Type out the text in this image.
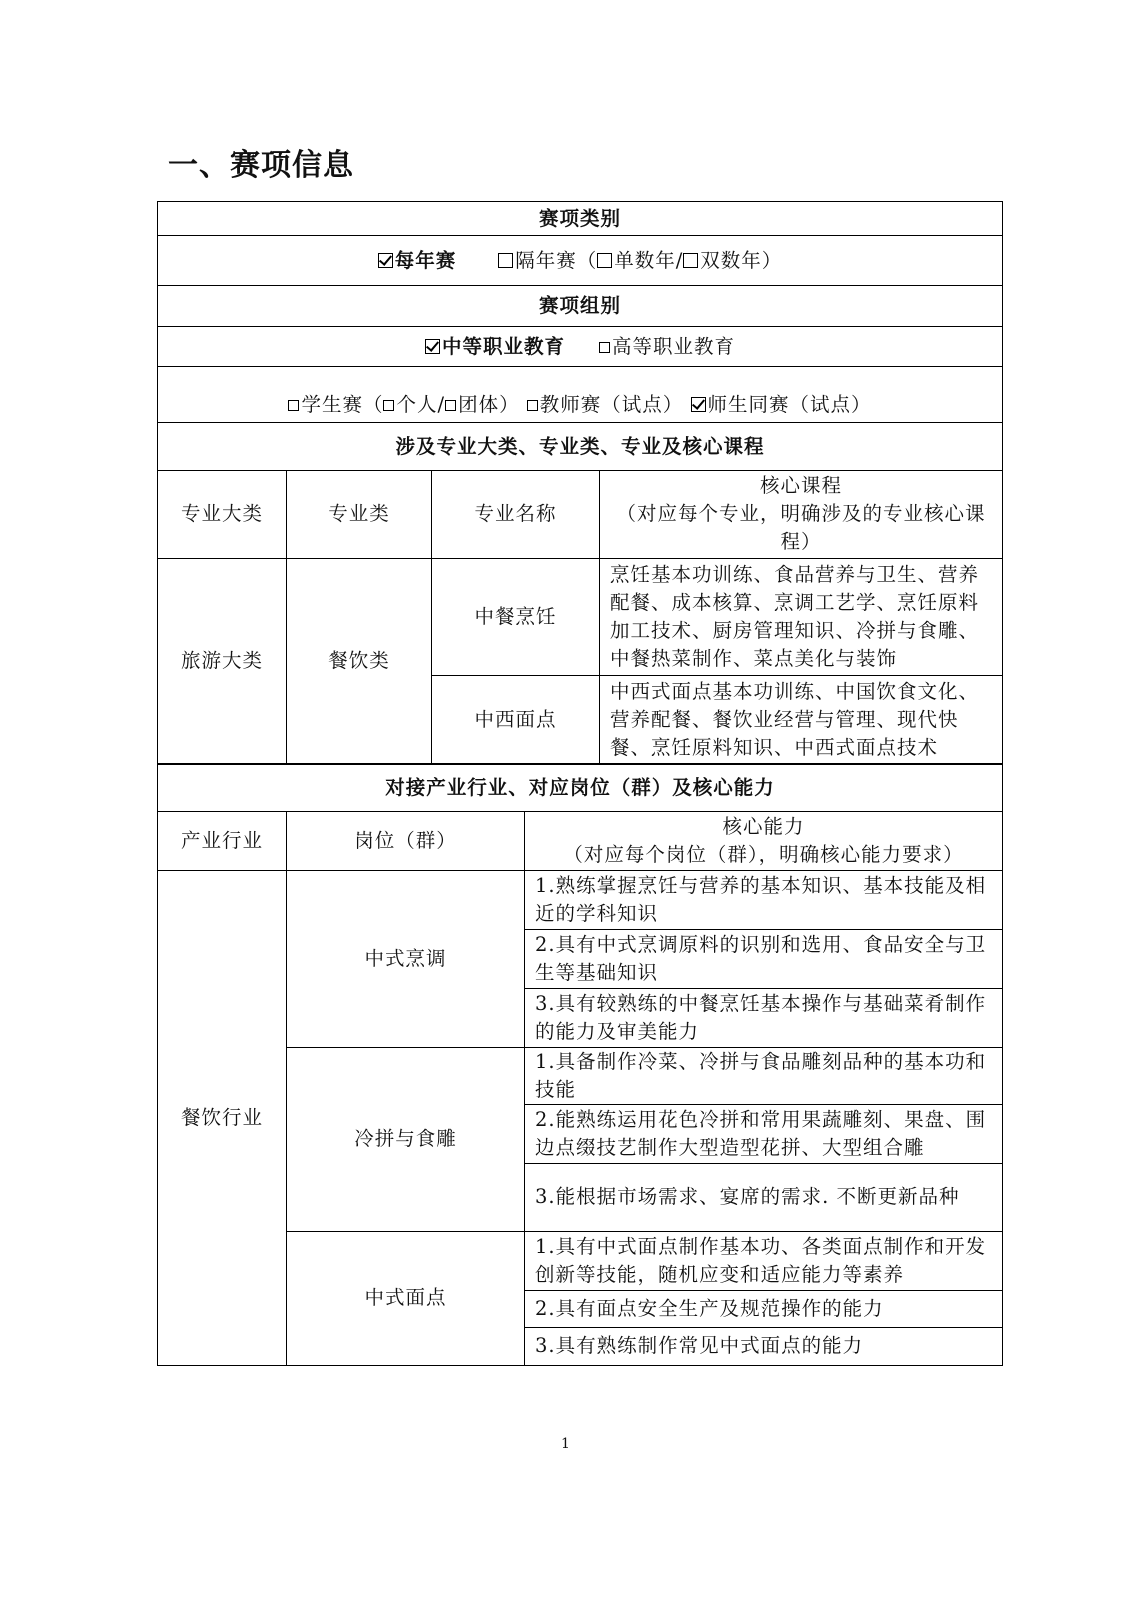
一、赛项信息
赛项类别
每年赛	隔年赛（ 单数年/ 双数年）
赛项组别
中等职业教育 高等职业教育
学生赛（ 个人/ 团体） 教师赛（试点） 师生同赛（试点）
涉及专业大类、专业类、专业及核心课程
专业大类	专业类	专业名称	核心课程
（对应每个专业，明确涉及的专业核心课程）

旅游大类	餐饮类	中餐烹饪	烹饪基本功训练、食品营养与卫生、营养配餐、成本核算、烹调工艺学、烹饪原料加工技术、厨房管理知识、冷拼与食雕、中餐热菜制作、菜点美化与装饰
		中西面点	中西式面点基本功训练、中国饮食文化、营养配餐、餐饮业经营与管理、现代快餐、烹饪原料知识、中西式面点技术
对接产业行业、对应岗位（群）及核心能力
产业行业	岗位（群）	核心能力
（对应每个岗位（群），明确核心能力要求）

餐饮行业	中式烹调	1.熟练掌握烹饪与营养的基本知识、基本技能及相近的学科知识
		2.具有中式烹调原料的识别和选用、食品安全与卫生等基础知识
		3.具有较熟练的中餐烹饪基本操作与基础菜肴制作的能力及审美能力
	冷拼与食雕	1.具备制作冷菜、冷拼与食品雕刻品种的基本功和技能
		2.能熟练运用花色冷拼和常用果蔬雕刻、果盘、围边点缀技艺制作大型造型花拼、大型组合雕
		3.能根据市场需求、宴席的需求. 不断更新品种
	中式面点	1.具有中式面点制作基本功、各类面点制作和开发创新等技能，随机应变和适应能力等素养
		2.具有面点安全生产及规范操作的能力
		3.具有熟练制作常见中式面点的能力
1
